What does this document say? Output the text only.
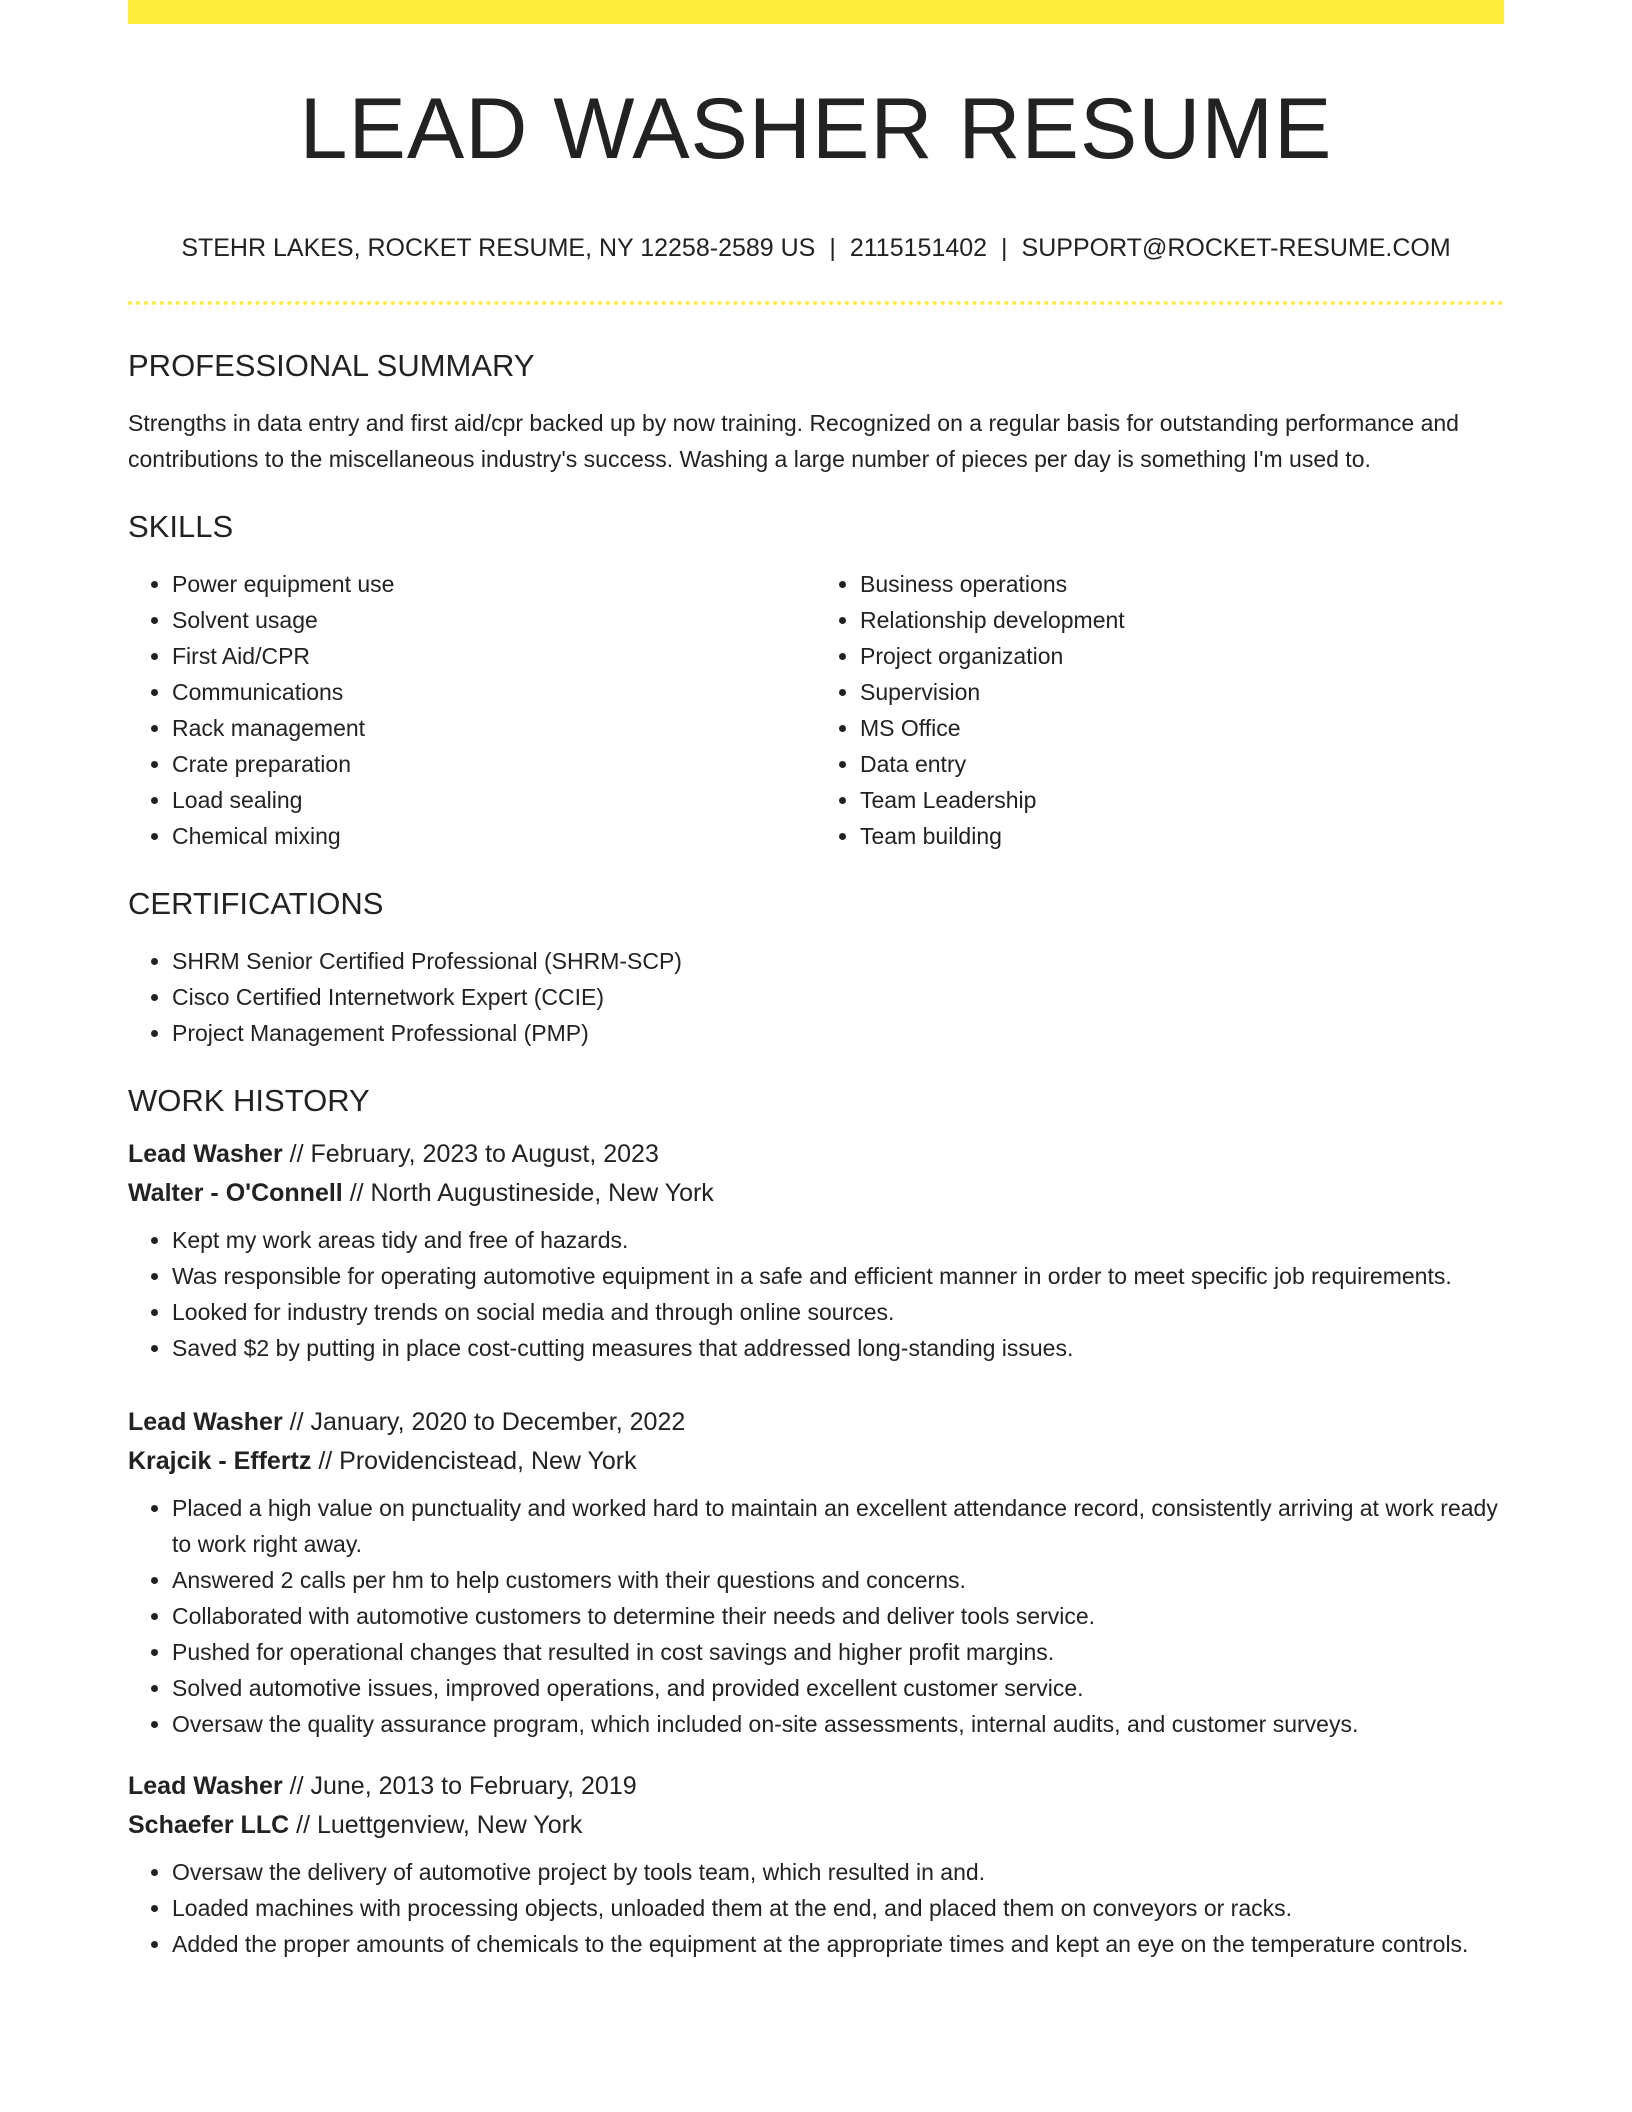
LEAD WASHER RESUME
STEHR LAKES, ROCKET RESUME, NY 12258-2589 US | 2115151402 | SUPPORT@ROCKET-RESUME.COM
PROFESSIONAL SUMMARY

Strengths in data entry and first aid/cpr backed up by now training. Recognized on a regular basis for outstanding performance and contributions to the miscellaneous industry's success. Washing a large number of pieces per day is something I'm used to.

SKILLS
• Power equipment use
• Solvent usage
• First Aid/CPR
• Communications
• Rack management
• Crate preparation
• Load sealing
• Chemical mixing
• Business operations
• Relationship development
• Project organization
• Supervision
• MS Office
• Data entry
• Team Leadership
• Team building
CERTIFICATIONS
• SHRM Senior Certified Professional (SHRM-SCP)
• Cisco Certified Internetwork Expert (CCIE)
• Project Management Professional (PMP)
WORK HISTORY
Lead Washer // February, 2023 to August, 2023
Walter - O'Connell // North Augustineside, New York
• Kept my work areas tidy and free of hazards.
• Was responsible for operating automotive equipment in a safe and efficient manner in order to meet specific job requirements.
• Looked for industry trends on social media and through online sources.
• Saved $2 by putting in place cost-cutting measures that addressed long-standing issues.
Lead Washer // January, 2020 to December, 2022
Krajcik - Effertz // Providencistead, New York
• Placed a high value on punctuality and worked hard to maintain an excellent attendance record, consistently arriving at work ready to work right away.
• Answered 2 calls per hm to help customers with their questions and concerns.
• Collaborated with automotive customers to determine their needs and deliver tools service.
• Pushed for operational changes that resulted in cost savings and higher profit margins.
• Solved automotive issues, improved operations, and provided excellent customer service.
• Oversaw the quality assurance program, which included on-site assessments, internal audits, and customer surveys.
Lead Washer // June, 2013 to February, 2019
Schaefer LLC // Luettgenview, New York
• Oversaw the delivery of automotive project by tools team, which resulted in and.
• Loaded machines with processing objects, unloaded them at the end, and placed them on conveyors or racks.
• Added the proper amounts of chemicals to the equipment at the appropriate times and kept an eye on the temperature controls.
